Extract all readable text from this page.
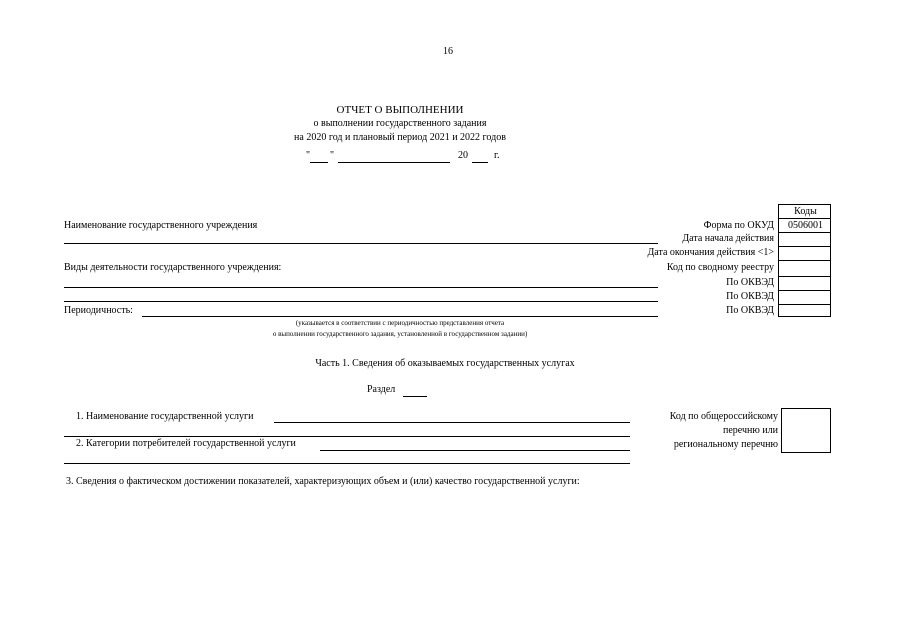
16
ОТЧЕТ О ВЫПОЛНЕНИИ
о выполнении государственного задания
на 2020 год и плановый период 2021 и 2022 годов
" "	20	г.
Коды
0506001
Форма по ОКУД
Дата начала действия
Дата окончания действия <1>
Код по сводному реестру
По ОКВЭД
По ОКВЭД
По ОКВЭД
Наименование государственного учреждения
Виды деятельности государственного учреждения:
Периодичность:
(указывается в соответствии с периодичностью представления отчета
о выполнении государственного задания, установленной в государственном задании)
Часть 1. Сведения об оказываемых государственных услугах
Раздел
1. Наименование государственной услуги
2. Категории потребителей государственной услуги
Код по общероссийскому
перечню или
региональному перечню
3. Сведения о фактическом достижении показателей, характеризующих объем и (или) качество государственной услуги:
